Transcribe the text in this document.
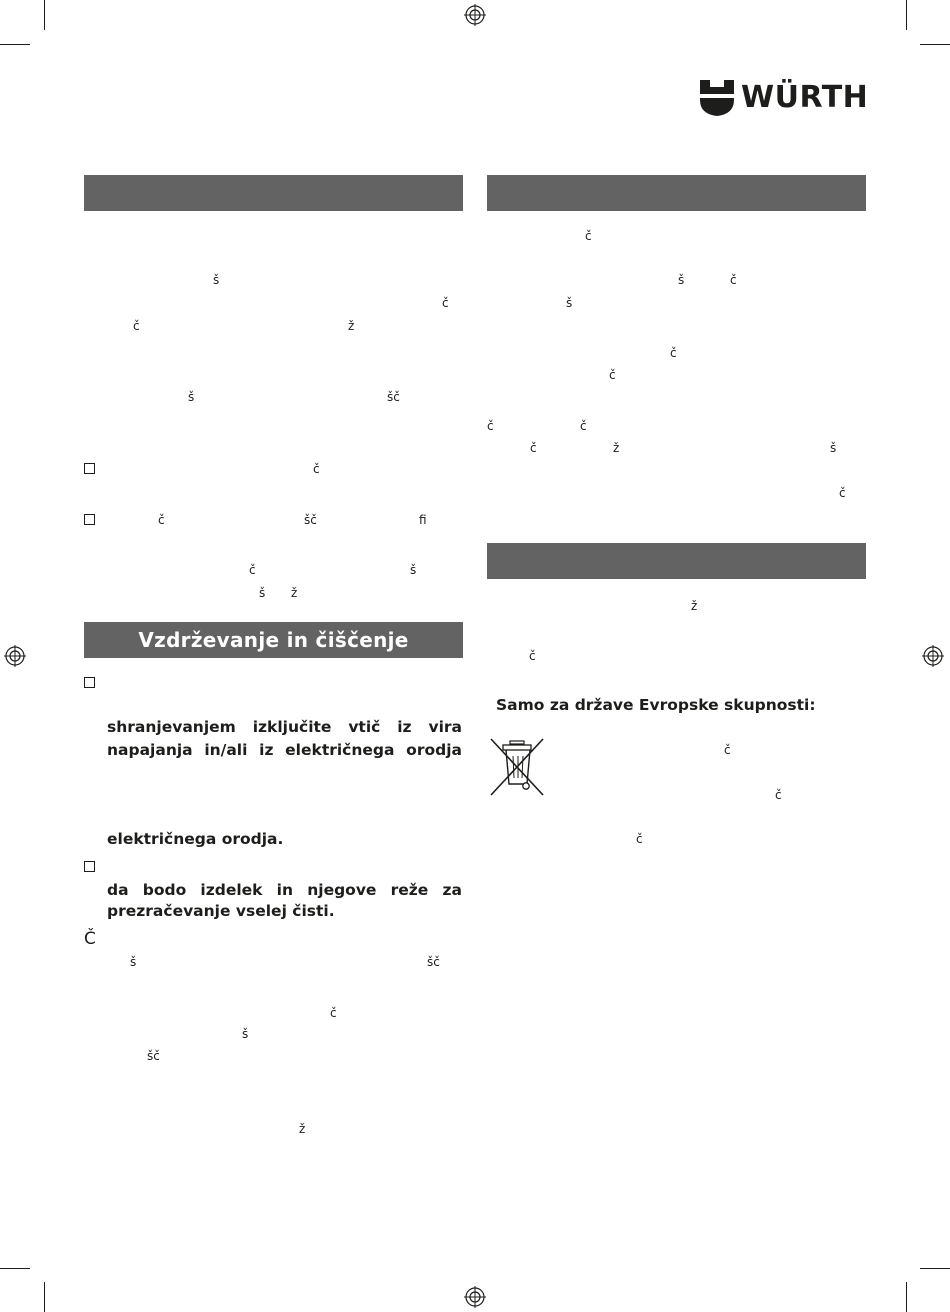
WÜRTH
Vzdrževanje in čiščenje
š
č
č	ž
š	šč
č
č	šč	ﬁ
č	š
š ž
shranjevanjem izključite vtič iz vira
napajanja in/ali iz električnega orodja
električnega orodja.
da bodo izdelek in njegove reže za
prezračevanje vselej čisti.
Č
š	šč
č
š
šč
ž
č
š	č
š
č
č
č	č
č	ž	š
č
ž
č
Samo za države Evropske skupnosti:
č
č
č
